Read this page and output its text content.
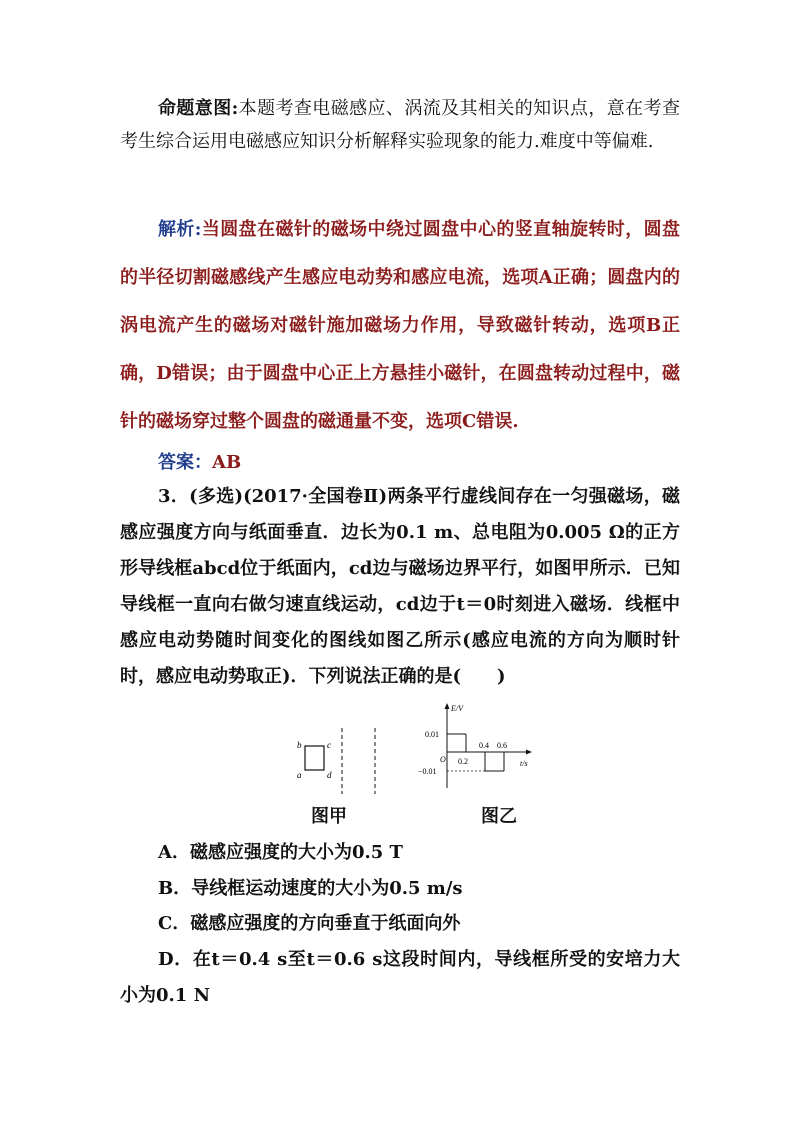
命题意图:本题考查电磁感应、涡流及其相关的知识点，意在考查考生综合运用电磁感应知识分析解释实验现象的能力.难度中等偏难.
解析:当圆盘在磁针的磁场中绕过圆盘中心的竖直轴旋转时，圆盘的半径切割磁感线产生感应电动势和感应电流，选项A正确；圆盘内的涡电流产生的磁场对磁针施加磁场力作用，导致磁针转动，选项B正确，D错误；由于圆盘中心正上方悬挂小磁针，在圆盘转动过程中，磁针的磁场穿过整个圆盘的磁通量不变，选项C错误.
答案：AB
3．(多选)(2017·全国卷Ⅱ)两条平行虚线间存在一匀强磁场，磁感应强度方向与纸面垂直．边长为0.1 m、总电阻为0.005 Ω的正方形导线框abcd位于纸面内，cd边与磁场边界平行，如图甲所示．已知导线框一直向右做匀速直线运动，cd边于t＝0时刻进入磁场．线框中感应电动势随时间变化的图线如图乙所示(感应电流的方向为顺时针时，感应电动势取正)．下列说法正确的是(　　)
b	c
a	d
图甲
E/V
t/s
O
0.01
−0.01
0.2
0.4 0.6
图乙
A．磁感应强度的大小为0.5 T
B．导线框运动速度的大小为0.5 m/s
C．磁感应强度的方向垂直于纸面向外
D．在t＝0.4 s至t＝0.6 s这段时间内，导线框所受的安培力大小为0.1 N
